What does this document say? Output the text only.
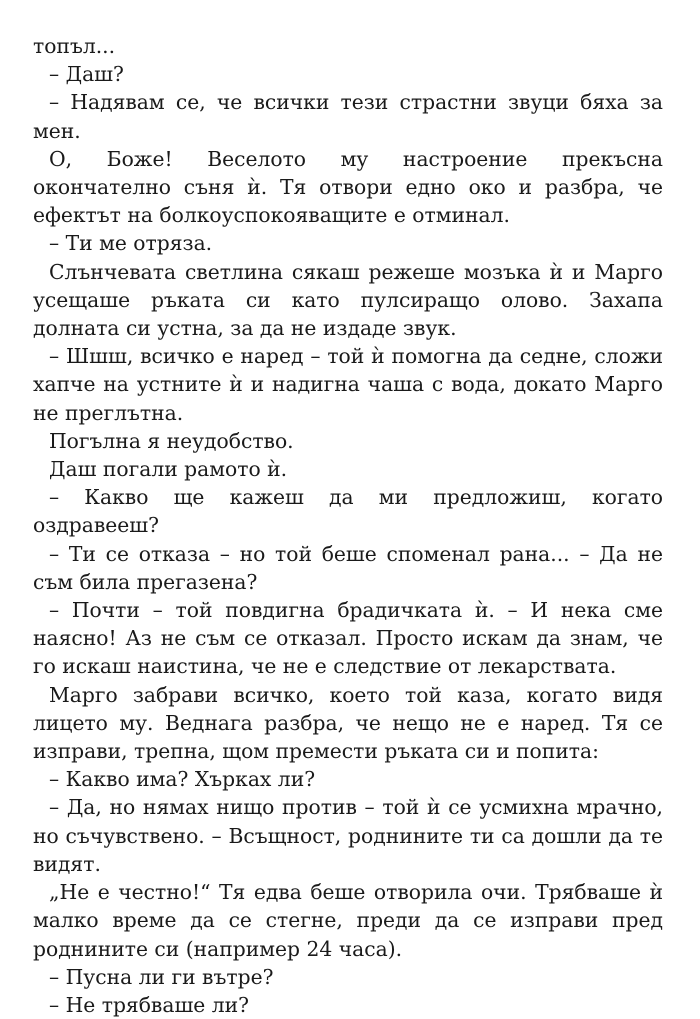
топъл...

– Даш?

– Надявам се, че всички тези страстни звуци бяха за мен.

О, Боже! Веселото му настроение прекъсна окончателно съня ѝ. Тя отвори едно око и разбра, че ефектът на болкоуспокояващите е отминал.

– Ти ме отряза.

Слънчевата светлина сякаш режеше мозъка ѝ и Марго усещаше ръката си като пулсиращо олово. Захапа долната си устна, за да не издаде звук.

– Шшш, всичко е наред – той ѝ помогна да седне, сложи хапче на устните ѝ и надигна чаша с вода, докато Марго не преглътна.

Погълна я неудобство.

Даш погали рамото ѝ.

– Какво ще кажеш да ми предложиш, когато оздравееш?

– Ти се отказа – но той беше споменал рана... – Да не съм била прегазена?

– Почти – той повдигна брадичката ѝ. – И нека сме наясно! Аз не съм се отказал. Просто искам да знам, че го искаш наистина, че не е следствие от лекарствата.

Марго забрави всичко, което той каза, когато видя лицето му. Веднага разбра, че нещо не е наред. Тя се изправи, трепна, щом премести ръката си и попита:

– Какво има? Хърках ли?

– Да, но нямах нищо против – той ѝ се усмихна мрачно, но съчувствено. – Всъщност, роднините ти са дошли да те видят.

„Не е честно!“ Тя едва беше отворила очи. Трябваше ѝ малко време да се стегне, преди да се изправи пред роднините си (например 24 часа).

– Пусна ли ги вътре?

– Не трябваше ли?
